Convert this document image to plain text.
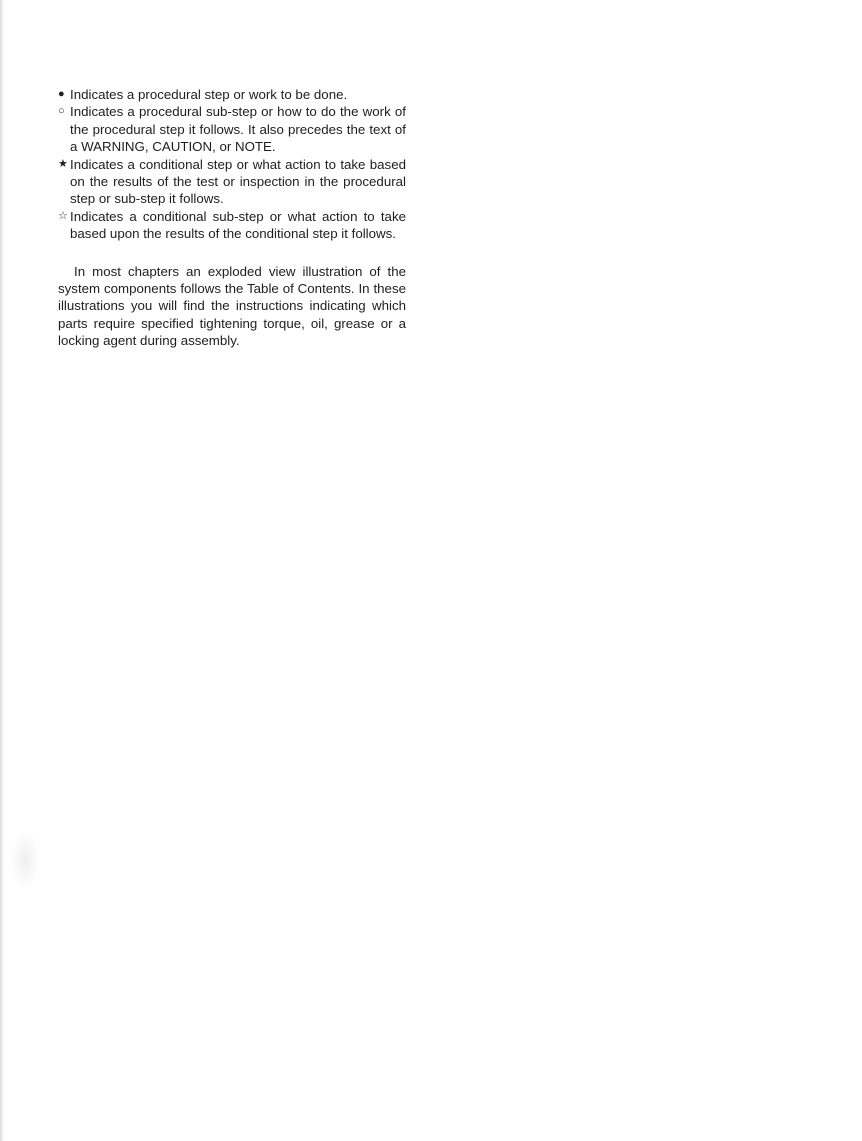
● Indicates a procedural step or work to be done.
○ Indicates a procedural sub-step or how to do the work of the procedural step it follows. It also precedes the text of a WARNING, CAUTION, or NOTE.
★ Indicates a conditional step or what action to take based on the results of the test or inspection in the procedural step or sub-step it follows.
☆ Indicates a conditional sub-step or what action to take based upon the results of the conditional step it follows.

In most chapters an exploded view illustration of the system components follows the Table of Contents. In these illustrations you will find the instructions indicating which parts require specified tightening torque, oil, grease or a locking agent during assembly.
